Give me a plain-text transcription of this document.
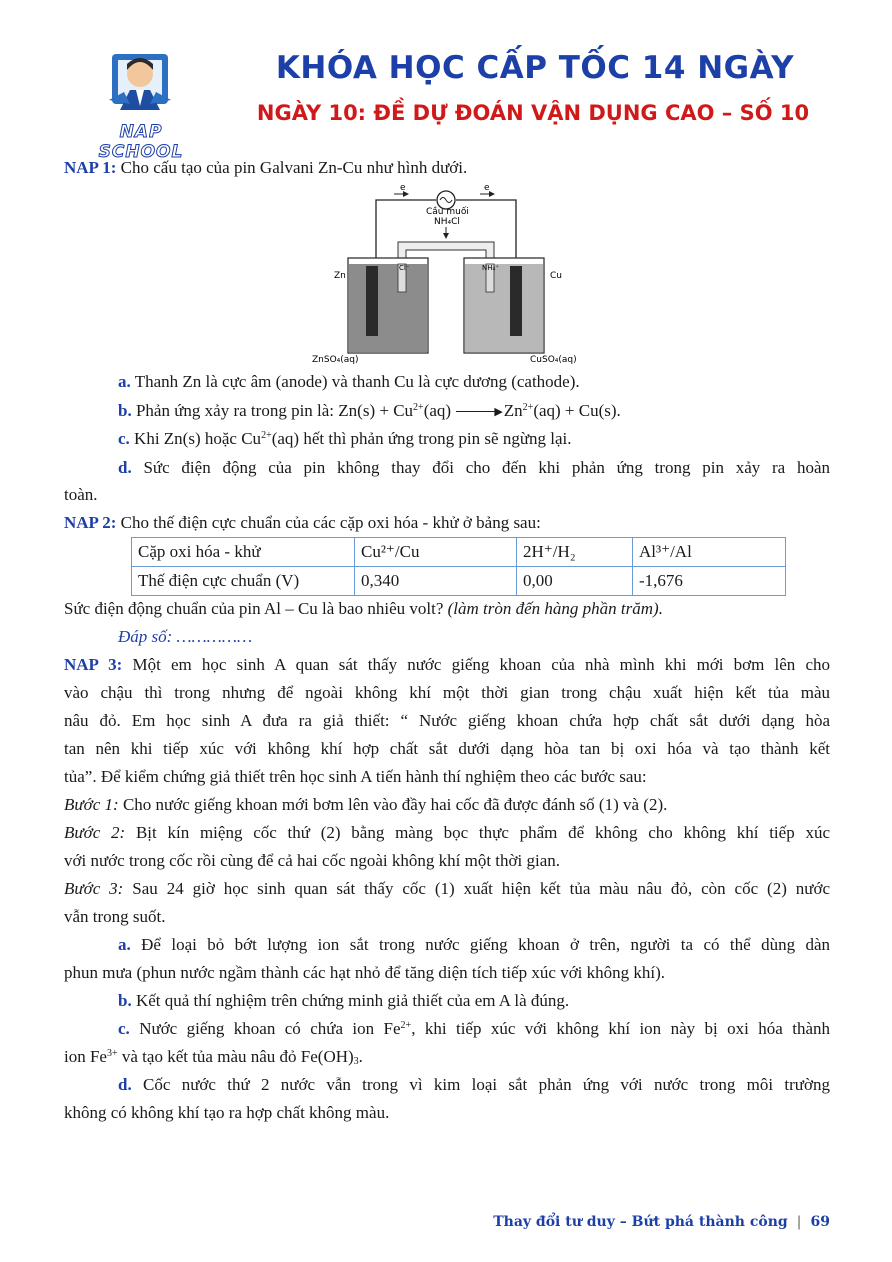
NAP SCHOOL
KHÓA HỌC CẤP TỐC 14 NGÀY
NGÀY 10: ĐỀ DỰ ĐOÁN VẬN DỤNG CAO – SỐ 10
NAP 1: Cho cấu tạo của pin Galvani Zn-Cu như hình dưới.
e	e
Cầu muối
NH₄Cl
Cl⁻	NH₄⁺
Zn	Cu
ZnSO₄(aq)	CuSO₄(aq)
a. Thanh Zn là cực âm (anode) và thanh Cu là cực dương (cathode).
b. Phản ứng xảy ra trong pin là: $Zn(s) + Cu^{2+}(aq)$	$▶Zn^{2+}(aq) + Cu(s)$.
c. Khi Zn(s) hoặc $Cu^{2+}(aq)$ hết thì phản ứng trong pin sẽ ngừng lại.
d. Sức điện động của pin không thay đổi cho đến khi phản ứng trong pin xảy ra hoàn
toàn.
NAP 2: Cho thế điện cực chuẩn của các cặp oxi hóa - khử ở bảng sau:
Cặp oxi hóa - khử	Cu²⁺/Cu	2H⁺/H₂	Al³⁺/Al
Thế điện cực chuẩn (V)	0,340	0,00	-1,676
Sức điện động chuẩn của pin Al – Cu là bao nhiêu volt? (làm tròn đến hàng phần trăm).
Đáp số: ……………
NAP 3: Một em học sinh A quan sát thấy nước giếng khoan của nhà mình khi mới bơm lên cho
vào chậu thì trong nhưng để ngoài không khí một thời gian trong chậu xuất hiện kết tủa màu
nâu đỏ. Em học sinh A đưa ra giả thiết: “ Nước giếng khoan chứa hợp chất sắt dưới dạng hòa
tan nên khi tiếp xúc với không khí hợp chất sắt dưới dạng hòa tan bị oxi hóa và tạo thành kết
tủa”. Để kiểm chứng giả thiết trên học sinh A tiến hành thí nghiệm theo các bước sau:
Bước 1: Cho nước giếng khoan mới bơm lên vào đầy hai cốc đã được đánh số (1) và (2).
Bước 2: Bịt kín miệng cốc thứ (2) bằng màng bọc thực phẩm để không cho không khí tiếp xúc
với nước trong cốc rồi cùng để cả hai cốc ngoài không khí một thời gian.
Bước 3: Sau 24 giờ học sinh quan sát thấy cốc (1) xuất hiện kết tủa màu nâu đỏ, còn cốc (2) nước
vẫn trong suốt.
a. Để loại bỏ bớt lượng ion sắt trong nước giếng khoan ở trên, người ta có thể dùng dàn
phun mưa (phun nước ngầm thành các hạt nhỏ để tăng diện tích tiếp xúc với không khí).
b. Kết quả thí nghiệm trên chứng minh giả thiết của em A là đúng.
c. Nước giếng khoan có chứa ion $Fe^{2+}$, khi tiếp xúc với không khí ion này bị oxi hóa thành
ion $Fe^{3+}$ và tạo kết tủa màu nâu đỏ $Fe(OH)_3$.
d. Cốc nước thứ 2 nước vẫn trong vì kim loại sắt phản ứng với nước trong môi trường
không có không khí tạo ra hợp chất không màu.
Thay đổi tư duy – Bứt phá thành công | 69
